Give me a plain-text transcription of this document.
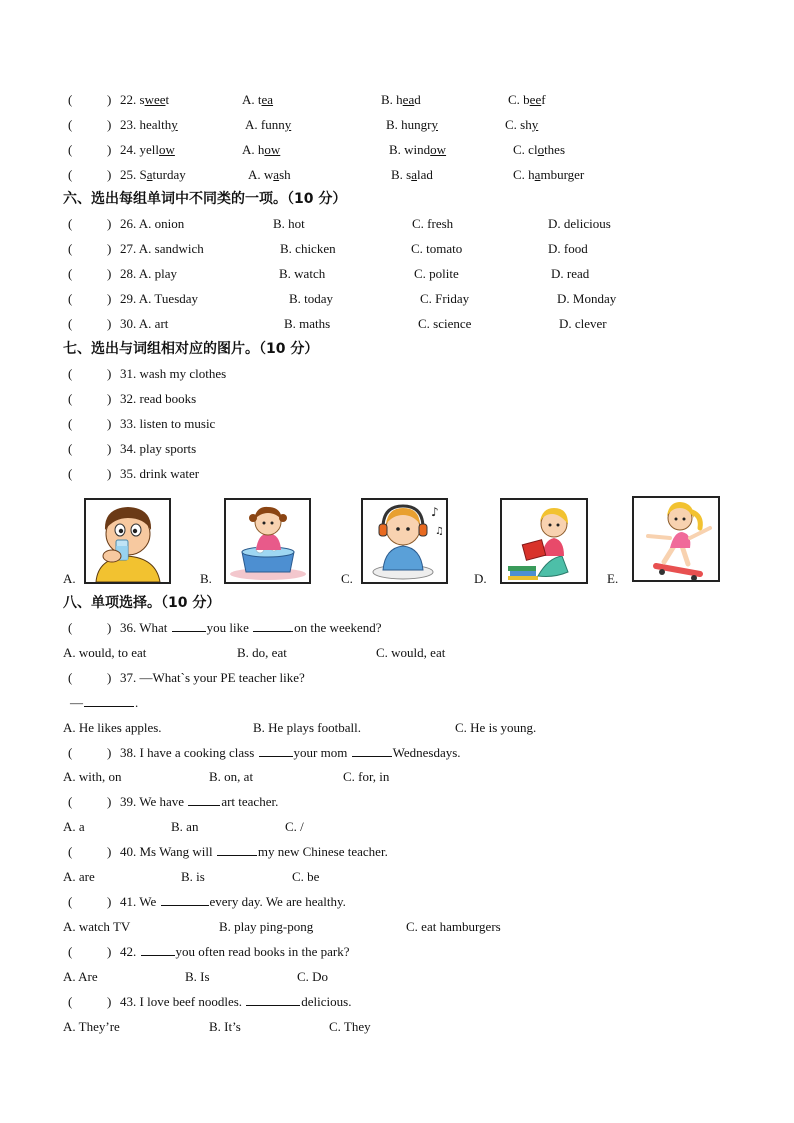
(	) 22. sweet	A. tea	B. head	C. beef
(	) 23. healthy	A. funny	B. hungry	C. shy
(	) 24. yellow	A. how	B. window	C. clothes
(	) 25. Saturday	A. wash	B. salad	C. hamburger
六、选出每组单词中不同类的一项。（10 分）
(	) 26. A. onion	B. hot	C. fresh	D. delicious
(	) 27. A. sandwich	B. chicken	C. tomato	D. food
(	) 28. A. play	B. watch	C. polite	D. read
(	) 29. A. Tuesday	B. today	C. Friday	D. Monday
(	) 30. A. art	B. maths	C. science	D. clever
七、选出与词组相对应的图片。（10 分）
(	) 31. wash my clothes
(	) 32. read books
(	) 33. listen to music
(	) 34. play sports
(	) 35. drink water
A.	B.	C.	D.	E.
♪
♫
八、单项选择。（10 分）
(	) 36. What	you like	on the weekend?
A. would, to eat	B. do, eat	C. would, eat
(	) 37. —What`s your PE teacher like?
—	.
A. He likes apples.	B. He plays football.	C. He is young.
(	) 38. I have a cooking class	your mom	Wednesdays.
A. with, on	B. on, at	C. for, in
(	) 39. We have	art teacher.
A. a	B. an	C. /
(	) 40. Ms Wang will	my new Chinese teacher.
A. are	B. is	C. be
(	) 41. We	every day. We are healthy.
A. watch TV	B. play ping-pong	C. eat hamburgers
(	) 42.	you often read books in the park?
A. Are	B. Is	C. Do
(	) 43. I love beef noodles.	delicious.
A. They’re	B. It’s	C. They
